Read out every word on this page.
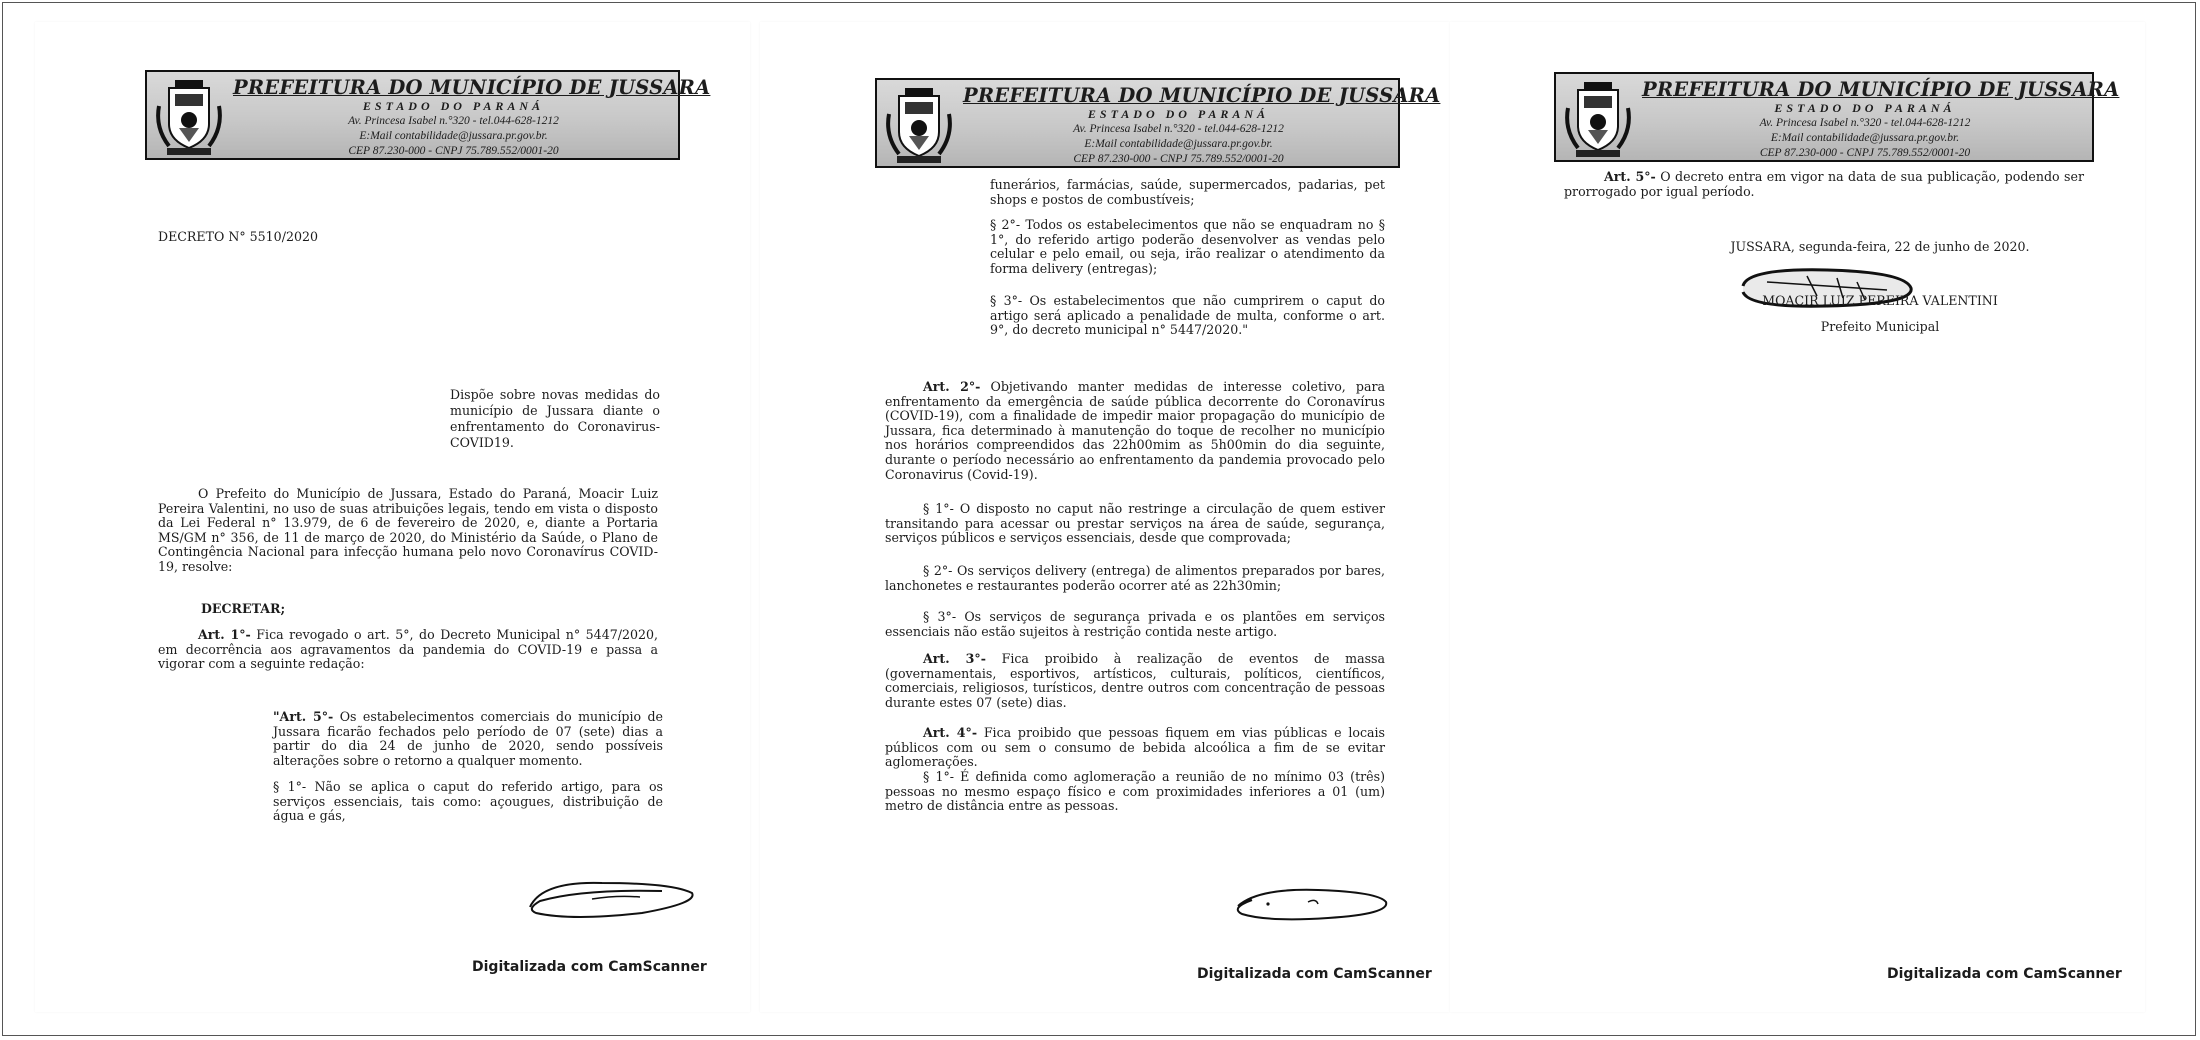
PREFEITURA DO MUNICÍPIO DE JUSSARA
ESTADO DO PARANÁ
Av. Princesa Isabel n.°320 - tel.044-628-1212
E:Mail contabilidade@jussara.pr.gov.br.
CEP 87.230-000 - CNPJ 75.789.552/0001-20
DECRETO N° 5510/2020
Dispõe sobre novas medidas do município de Jussara diante o enfrentamento do Coronavirus-COVID19.
O Prefeito do Município de Jussara, Estado do Paraná, Moacir Luiz Pereira Valentini, no uso de suas atribuições legais, tendo em vista o disposto da Lei Federal n° 13.979, de 6 de fevereiro de 2020, e, diante a Portaria MS/GM n° 356, de 11 de março de 2020, do Ministério da Saúde, o Plano de Contingência Nacional para infecção humana pelo novo Coronavírus COVID-19, resolve:
DECRETAR;
Art. 1°- Fica revogado o art. 5°, do Decreto Municipal n° 5447/2020, em decorrência aos agravamentos da pandemia do COVID-19 e passa a vigorar com a seguinte redação:
"Art. 5°- Os estabelecimentos comerciais do município de Jussara ficarão fechados pelo período de 07 (sete) dias a partir do dia 24 de junho de 2020, sendo possíveis alterações sobre o retorno a qualquer momento.
§ 1°- Não se aplica o caput do referido artigo, para os serviços essenciais, tais como: açougues, distribuição de água e gás,
Digitalizada com CamScanner
PREFEITURA DO MUNICÍPIO DE JUSSARA
ESTADO DO PARANÁ
Av. Princesa Isabel n.°320 - tel.044-628-1212
E:Mail contabilidade@jussara.pr.gov.br.
CEP 87.230-000 - CNPJ 75.789.552/0001-20
funerários, farmácias, saúde, supermercados, padarias, pet shops e postos de combustíveis;
§ 2°- Todos os estabelecimentos que não se enquadram no § 1°, do referido artigo poderão desenvolver as vendas pelo celular e pelo email, ou seja, irão realizar o atendimento da forma delivery (entregas);
§ 3°- Os estabelecimentos que não cumprirem o caput do artigo será aplicado a penalidade de multa, conforme o art. 9°, do decreto municipal n° 5447/2020."
Art. 2°- Objetivando manter medidas de interesse coletivo, para enfrentamento da emergência de saúde pública decorrente do Coronavírus (COVID-19), com a finalidade de impedir maior propagação do município de Jussara, fica determinado à manutenção do toque de recolher no município nos horários compreendidos das 22h00mim as 5h00min do dia seguinte, durante o período necessário ao enfrentamento da pandemia provocado pelo Coronavirus (Covid-19).
§ 1°- O disposto no caput não restringe a circulação de quem estiver transitando para acessar ou prestar serviços na área de saúde, segurança, serviços públicos e serviços essenciais, desde que comprovada;
§ 2°- Os serviços delivery (entrega) de alimentos preparados por bares, lanchonetes e restaurantes poderão ocorrer até as 22h30min;
§ 3°- Os serviços de segurança privada e os plantões em serviços essenciais não estão sujeitos à restrição contida neste artigo.
Art. 3°- Fica proibido à realização de eventos de massa (governamentais, esportivos, artísticos, culturais, políticos, científicos, comerciais, religiosos, turísticos, dentre outros com concentração de pessoas durante estes 07 (sete) dias.
Art. 4°- Fica proibido que pessoas fiquem em vias públicas e locais públicos com ou sem o consumo de bebida alcoólica a fim de se evitar aglomerações.
§ 1°- É definida como aglomeração a reunião de no mínimo 03 (três) pessoas no mesmo espaço físico e com proximidades inferiores a 01 (um) metro de distância entre as pessoas.
Digitalizada com CamScanner
PREFEITURA DO MUNICÍPIO DE JUSSARA
ESTADO DO PARANÁ
Av. Princesa Isabel n.°320 - tel.044-628-1212
E:Mail contabilidade@jussara.pr.gov.br.
CEP 87.230-000 - CNPJ 75.789.552/0001-20
Art. 5°- O decreto entra em vigor na data de sua publicação, podendo ser prorrogado por igual período.
JUSSARA, segunda-feira, 22 de junho de 2020.
MOACIR LUIZ PEREIRA VALENTINI
Prefeito Municipal
Digitalizada com CamScanner
